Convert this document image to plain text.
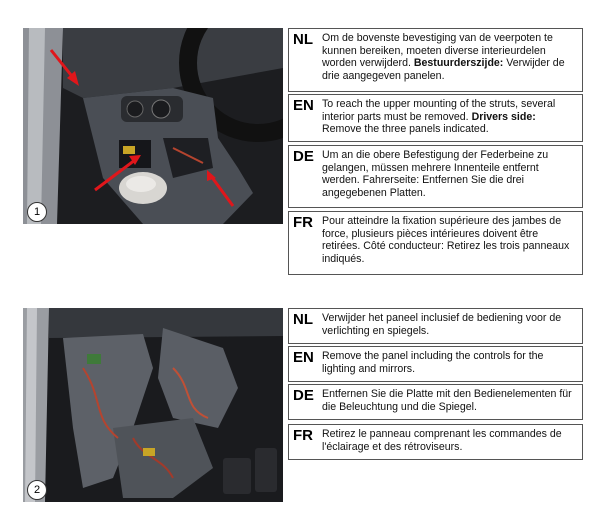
1
NL Om de bovenste bevestiging van de veerpoten te kunnen bereiken, moeten diverse interieurdelen worden verwijderd. Bestuurderszijde: Verwijder de drie aangegeven panelen.
EN To reach the upper mounting of the struts, several interior parts must be removed. Drivers side: Remove the three panels indicated.
DE Um an die obere Befestigung der Federbeine zu gelangen, müssen mehrere Innenteile entfernt werden. Fahrerseite: Entfernen Sie die drei angegebenen Platten.
FR Pour atteindre la fixation supérieure des jambes de force, plusieurs pièces intérieures doivent être retirées. Côté conducteur: Retirez les trois panneaux indiqués.
2
NL Verwijder het paneel inclusief de bediening voor de verlichting en spiegels.
EN Remove the panel including the controls for the lighting and mirrors.
DE Entfernen Sie die Platte mit den Bedienelementen für die Beleuchtung und die Spiegel.
FR Retirez le panneau comprenant les commandes de l'éclairage et des rétroviseurs.
